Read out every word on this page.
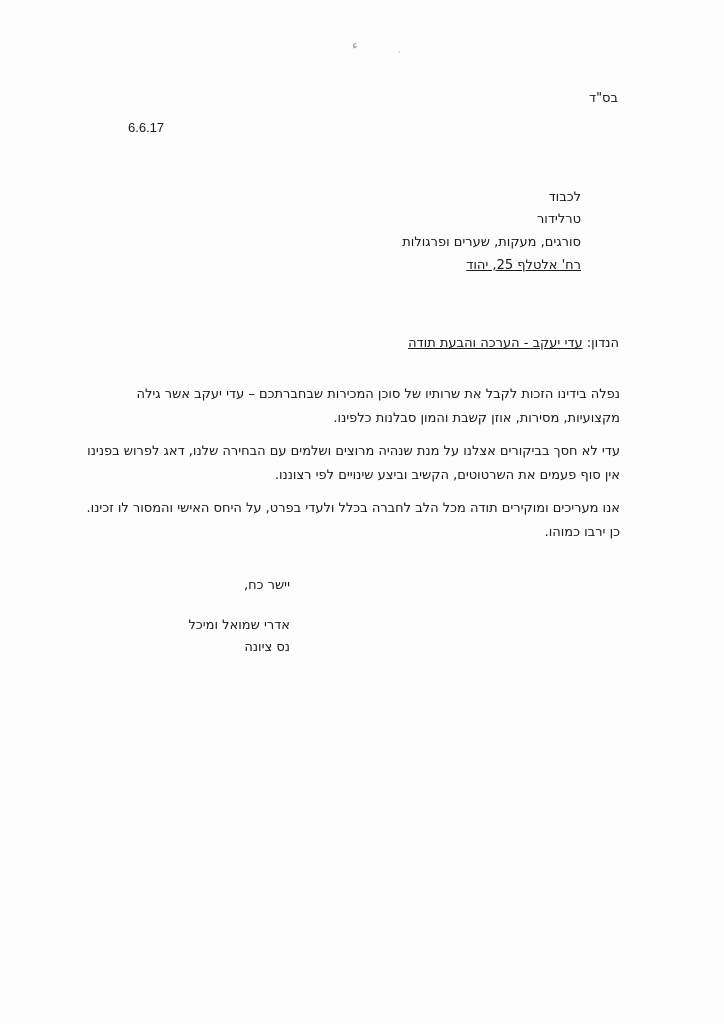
ﺀ
·
בס"ד
6.6.17
לכבוד
טרלידור
סורגים, מעקות, שערים ופרגולות
רח' אלטלף 25, יהוד
הנדון: עדי יעקב - הערכה והבעת תודה
נפלה בידינו הזכות לקבל את שרותיו של סוכן המכירות שבחברתכם – עדי יעקב אשר גילה
מקצועיות, מסירות, אוזן קשבת והמון סבלנות כלפינו.
עדי לא חסך בביקורים אצלנו על מנת שנהיה מרוצים ושלמים עם הבחירה שלנו, דאג לפרוש בפנינו
אין סוף פעמים את השרטוטים, הקשיב וביצע שינויים לפי רצוננו.
אנו מעריכים ומוקירים תודה מכל הלב לחברה בכלל ולעדי בפרט, על היחס האישי והמסור לו זכינו.
כן ירבו כמוהו.
יישר כח,
אדרי שמואל ומיכל
נס ציונה
